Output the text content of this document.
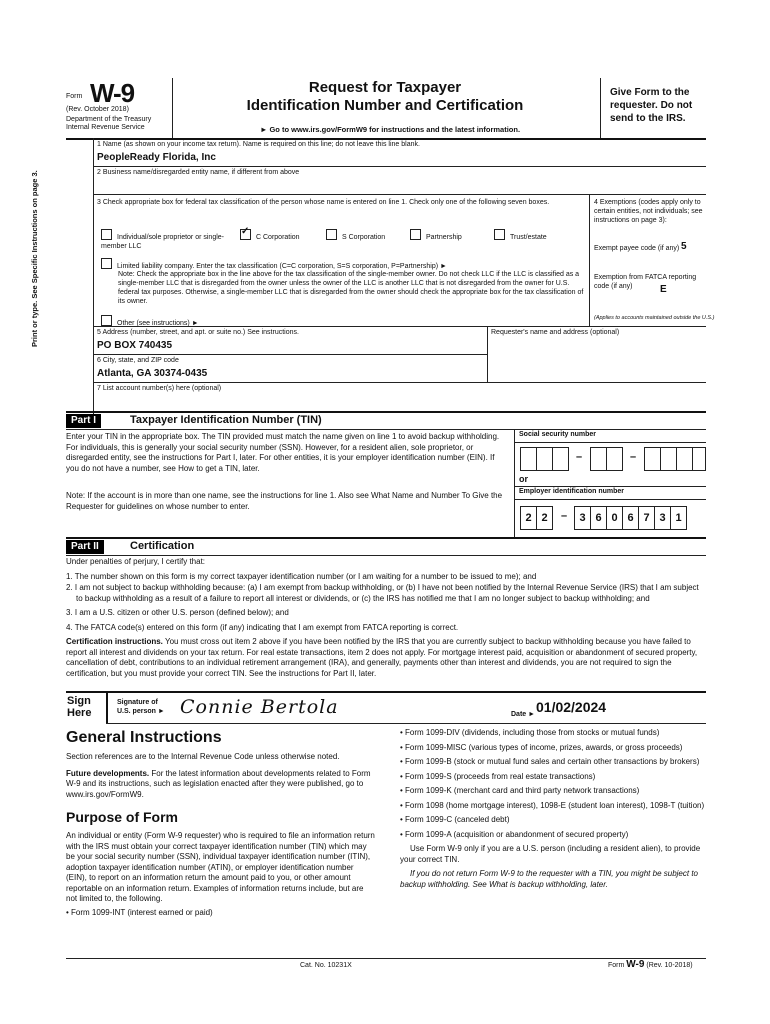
Form W-9
(Rev. October 2018)
Department of the Treasury
Internal Revenue Service
Request for Taxpayer
Identification Number and Certification
► Go to www.irs.gov/FormW9 for instructions and the latest information.
Give Form to the requester. Do not send to the IRS.
Print or type. See Specific Instructions on page 3.
1 Name (as shown on your income tax return). Name is required on this line; do not leave this line blank.
PeopleReady Florida, Inc
2 Business name/disregarded entity name, if different from above
3 Check appropriate box for federal tax classification of the person whose name is entered on line 1. Check only one of the following seven boxes.
Individual/sole proprietor or single-member LLC
✓C Corporation	S Corporation	Partnership	Trust/estate
Limited liability company. Enter the tax classification (C=C corporation, S=S corporation, P=Partnership) ►
Note: Check the appropriate box in the line above for the tax classification of the single-member owner. Do not check LLC if the LLC is classified as a single-member LLC that is disregarded from the owner unless the owner of the LLC is another LLC that is not disregarded from the owner for U.S. federal tax purposes. Otherwise, a single-member LLC that is disregarded from the owner should check the appropriate box for the tax classification of its owner.
Other (see instructions) ►
4 Exemptions (codes apply only to certain entities, not individuals; see instructions on page 3):
Exempt payee code (if any) 5
Exemption from FATCA reporting code (if any)	E
(Applies to accounts maintained outside the U.S.)
5 Address (number, street, and apt. or suite no.) See instructions.
PO BOX 740435
Requester's name and address (optional)
6 City, state, and ZIP code
Atlanta, GA 30374-0435
7 List account number(s) here (optional)
Part I	Taxpayer Identification Number (TIN)
Enter your TIN in the appropriate box. The TIN provided must match the name given on line 1 to avoid backup withholding. For individuals, this is generally your social security number (SSN). However, for a resident alien, sole proprietor, or disregarded entity, see the instructions for Part I, later. For other entities, it is your employer identification number (EIN). If you do not have a number, see How to get a TIN, later.
Note: If the account is in more than one name, see the instructions for line 1. Also see What Name and Number To Give the Requester for guidelines on whose number to enter.
Social security number
–	–
or
Employer identification number
2 2	–	3 6 0 6 7 3 1
Part II	Certification

Under penalties of perjury, I certify that:

1. The number shown on this form is my correct taxpayer identification number (or I am waiting for a number to be issued to me); and

2. I am not subject to backup withholding because: (a) I am exempt from backup withholding, or (b) I have not been notified by the Internal Revenue Service (IRS) that I am subject to backup withholding as a result of a failure to report all interest or dividends, or (c) the IRS has notified me that I am no longer subject to backup withholding; and

3. I am a U.S. citizen or other U.S. person (defined below); and

4. The FATCA code(s) entered on this form (if any) indicating that I am exempt from FATCA reporting is correct.

Certification instructions. You must cross out item 2 above if you have been notified by the IRS that you are currently subject to backup withholding because you have failed to report all interest and dividends on your tax return. For real estate transactions, item 2 does not apply. For mortgage interest paid, acquisition or abandonment of secured property, cancellation of debt, contributions to an individual retirement arrangement (IRA), and generally, payments other than interest and dividends, you are not required to sign the certification, but you must provide your correct TIN. See the instructions for Part II, later.

Sign
Here
Signature of
U.S. person ► Connie Bertola	Date ► 01/02/2024
General Instructions

Section references are to the Internal Revenue Code unless otherwise noted.

Future developments. For the latest information about developments related to Form W-9 and its instructions, such as legislation enacted after they were published, go to www.irs.gov/FormW9.

Purpose of Form

An individual or entity (Form W-9 requester) who is required to file an information return with the IRS must obtain your correct taxpayer identification number (TIN) which may be your social security number (SSN), individual taxpayer identification number (ITIN), adoption taxpayer identification number (ATIN), or employer identification number (EIN), to report on an information return the amount paid to you, or other amount reportable on an information return. Examples of information returns include, but are not limited to, the following.

• Form 1099-INT (interest earned or paid)

• Form 1099-DIV (dividends, including those from stocks or mutual funds)

• Form 1099-MISC (various types of income, prizes, awards, or gross proceeds)

• Form 1099-B (stock or mutual fund sales and certain other transactions by brokers)

• Form 1099-S (proceeds from real estate transactions)

• Form 1099-K (merchant card and third party network transactions)

• Form 1098 (home mortgage interest), 1098-E (student loan interest), 1098-T (tuition)

• Form 1099-C (canceled debt)

• Form 1099-A (acquisition or abandonment of secured property)

Use Form W-9 only if you are a U.S. person (including a resident alien), to provide your correct TIN.

If you do not return Form W-9 to the requester with a TIN, you might be subject to backup withholding. See What is backup withholding, later.

Cat. No. 10231X	Form W-9 (Rev. 10-2018)
